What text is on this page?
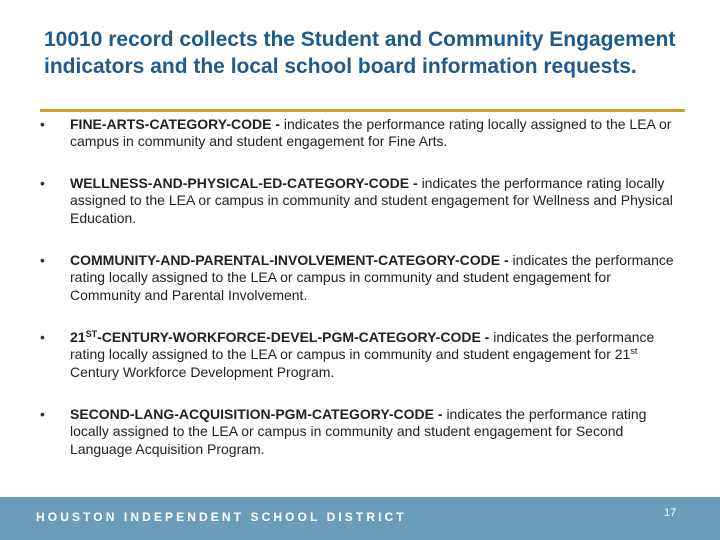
10010 record collects the Student and Community Engagement indicators and the local school board information requests.
• FINE-ARTS-CATEGORY-CODE - indicates the performance rating locally assigned to the LEA or campus in community and student engagement for Fine Arts.
• WELLNESS-AND-PHYSICAL-ED-CATEGORY-CODE - indicates the performance rating locally assigned to the LEA or campus in community and student engagement for Wellness and Physical Education.
• COMMUNITY-AND-PARENTAL-INVOLVEMENT-CATEGORY-CODE - indicates the performance rating locally assigned to the LEA or campus in community and student engagement for Community and Parental Involvement.
• 21ST-CENTURY-WORKFORCE-DEVEL-PGM-CATEGORY-CODE - indicates the performance rating locally assigned to the LEA or campus in community and student engagement for 21st Century Workforce Development Program.
• SECOND-LANG-ACQUISITION-PGM-CATEGORY-CODE - indicates the performance rating locally assigned to the LEA or campus in community and student engagement for Second Language Acquisition Program.
HOUSTON INDEPENDENT SCHOOL DISTRICT	17
